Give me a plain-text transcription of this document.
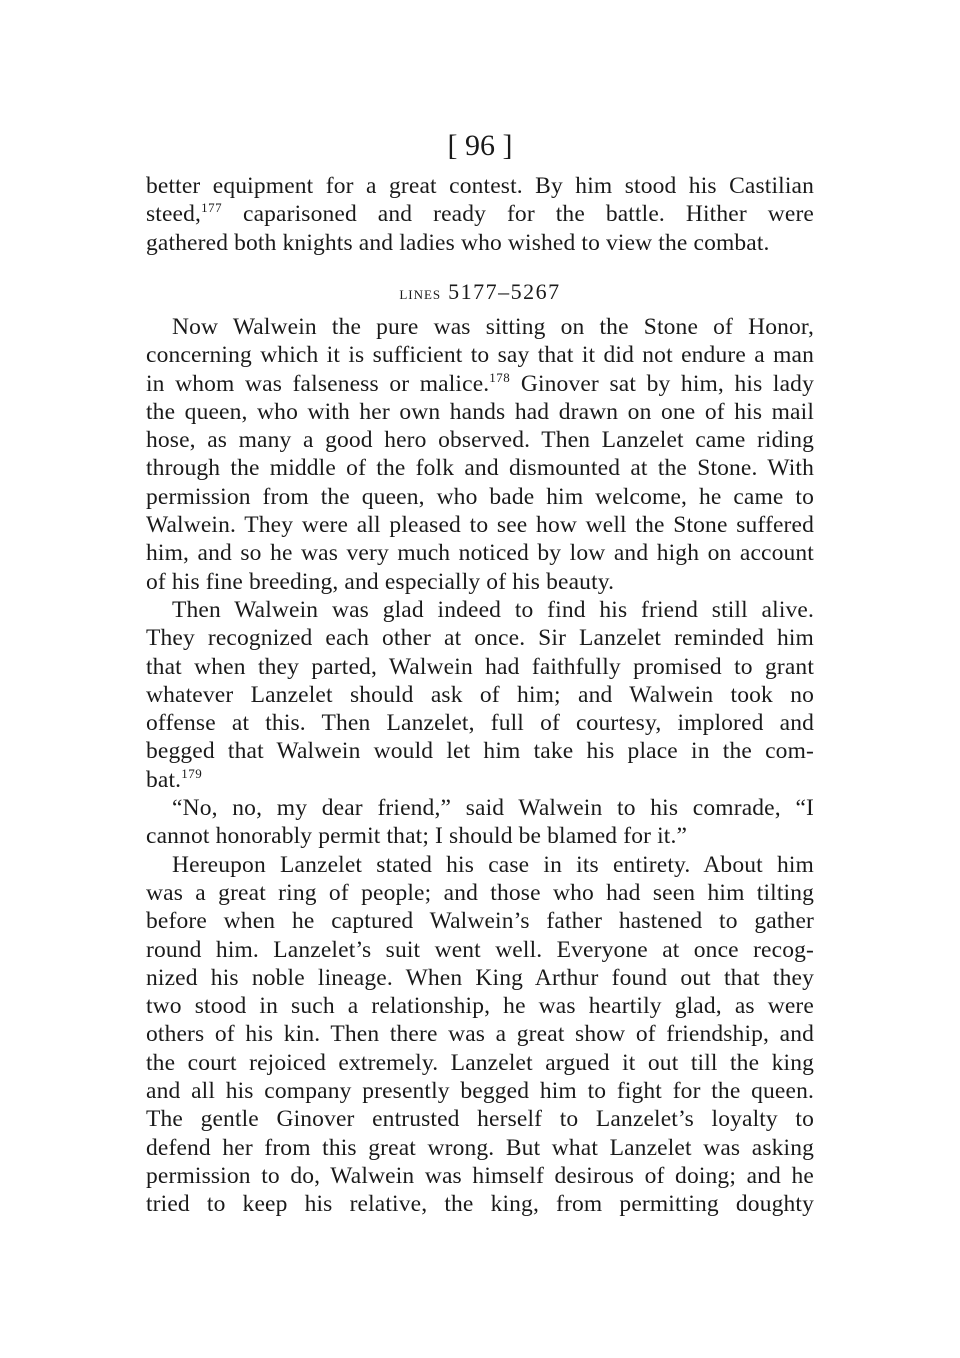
[ 96 ]
better equipment for a great contest. By him stood his Castilian
steed,$^{177}$ caparisoned and ready for the battle. Hither were
gathered both knights and ladies who wished to view the combat.
lines 5177–5267
Now Walwein the pure was sitting on the Stone of Honor,
concerning which it is sufficient to say that it did not endure a man
in whom was falseness or malice.$^{178}$ Ginover sat by him, his lady
the queen, who with her own hands had drawn on one of his mail
hose, as many a good hero observed. Then Lanzelet came riding
through the middle of the folk and dismounted at the Stone. With
permission from the queen, who bade him welcome, he came to
Walwein. They were all pleased to see how well the Stone suffered
him, and so he was very much noticed by low and high on account
of his fine breeding, and especially of his beauty.
Then Walwein was glad indeed to find his friend still alive.
They recognized each other at once. Sir Lanzelet reminded him
that when they parted, Walwein had faithfully promised to grant
whatever Lanzelet should ask of him; and Walwein took no
offense at this. Then Lanzelet, full of courtesy, implored and
begged that Walwein would let him take his place in the com-
bat.$^{179}$
“No, no, my dear friend,” said Walwein to his comrade, “I
cannot honorably permit that; I should be blamed for it.”
Hereupon Lanzelet stated his case in its entirety. About him
was a great ring of people; and those who had seen him tilting
before when he captured Walwein’s father hastened to gather
round him. Lanzelet’s suit went well. Everyone at once recog-
nized his noble lineage. When King Arthur found out that they
two stood in such a relationship, he was heartily glad, as were
others of his kin. Then there was a great show of friendship, and
the court rejoiced extremely. Lanzelet argued it out till the king
and all his company presently begged him to fight for the queen.
The gentle Ginover entrusted herself to Lanzelet’s loyalty to
defend her from this great wrong. But what Lanzelet was asking
permission to do, Walwein was himself desirous of doing; and he
tried to keep his relative, the king, from permitting doughty
